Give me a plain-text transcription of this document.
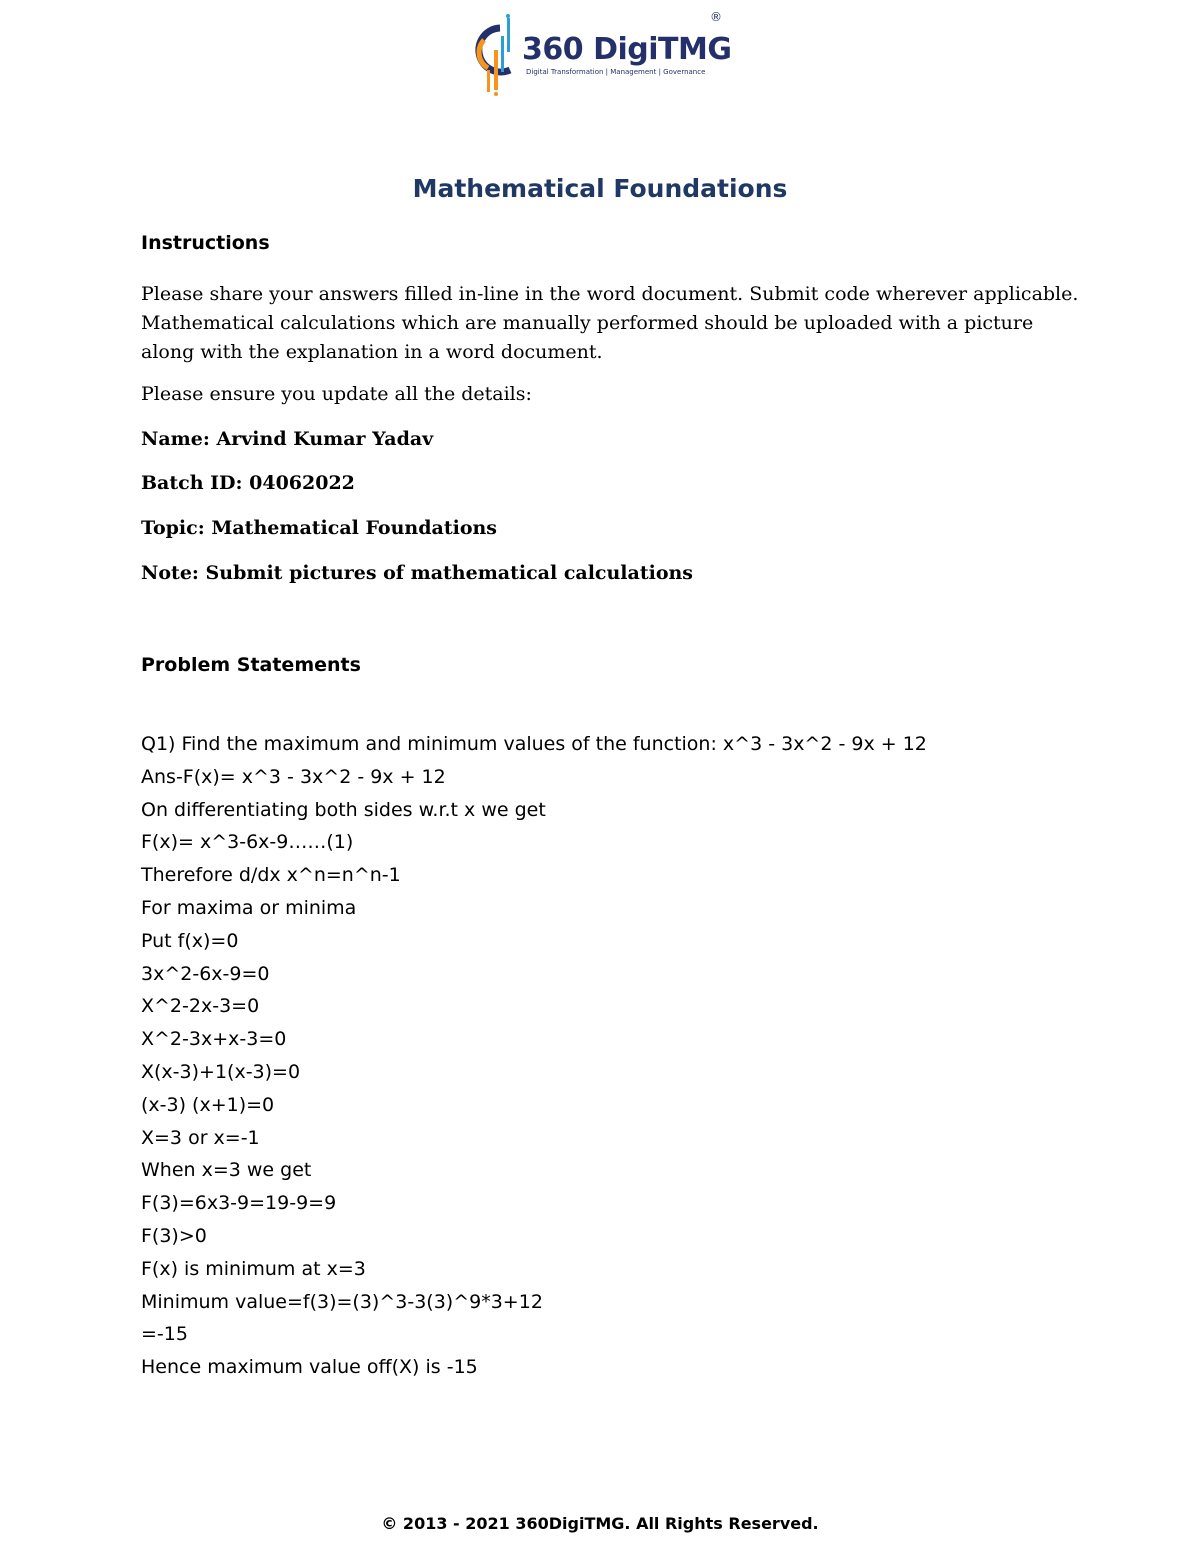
360 DigiTMG
®
Digital Transformation | Management | Governance
Mathematical Foundations
Instructions
Please share your answers filled in-line in the word document. Submit code wherever applicable.
Mathematical calculations which are manually performed should be uploaded with a picture
along with the explanation in a word document.
Please ensure you update all the details:
Name: Arvind Kumar Yadav
Batch ID: 04062022
Topic: Mathematical Foundations
Note: Submit pictures of mathematical calculations
Problem Statements
Q1) Find the maximum and minimum values of the function: x^3 - 3x^2 - 9x + 12
Ans-F(x)= x^3 - 3x^2 - 9x + 12
On differentiating both sides w.r.t x we get
F(x)= x^3-6x-9……(1)
Therefore d/dx x^n=n^n-1
For maxima or minima
Put f(x)=0
3x^2-6x-9=0
X^2-2x-3=0
X^2-3x+x-3=0
X(x-3)+1(x-3)=0
(x-3) (x+1)=0
X=3 or x=-1
When x=3 we get
F(3)=6x3-9=19-9=9
F(3)>0
F(x) is minimum at x=3
Minimum value=f(3)=(3)^3-3(3)^9*3+12
=-15
Hence maximum value off(X) is -15
© 2013 - 2021 360DigiTMG. All Rights Reserved.
